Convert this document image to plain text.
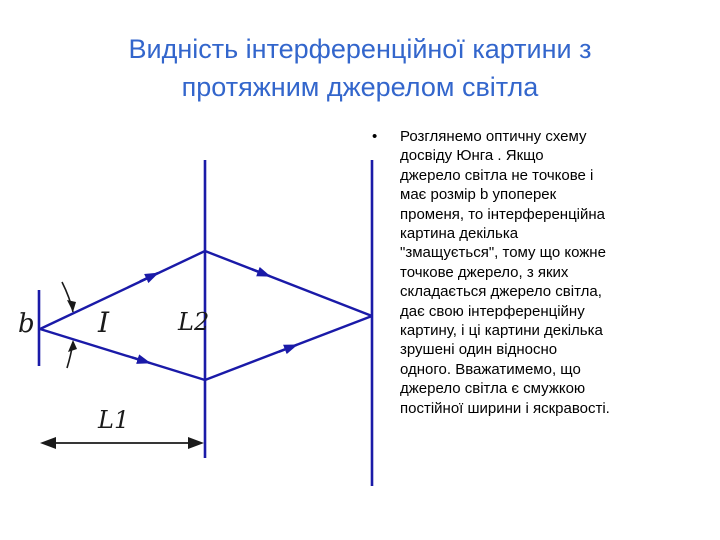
Видність інтерференційної картини з
протяжним джерелом світла
b I	L2
L1
• Розглянемо оптичну схему
досвіду Юнга . Якщо
джерело світла не точкове і
має розмір b упоперек
променя, то інтерференційна
картина декілька
"змащується", тому що кожне
точкове джерело, з яких
складається джерело світла,
дає свою інтерференційну
картину, і ці картини декілька
зрушені один відносно
одного. Вважатимемо, що
джерело світла є смужкою
постійної ширини і яскравості.
